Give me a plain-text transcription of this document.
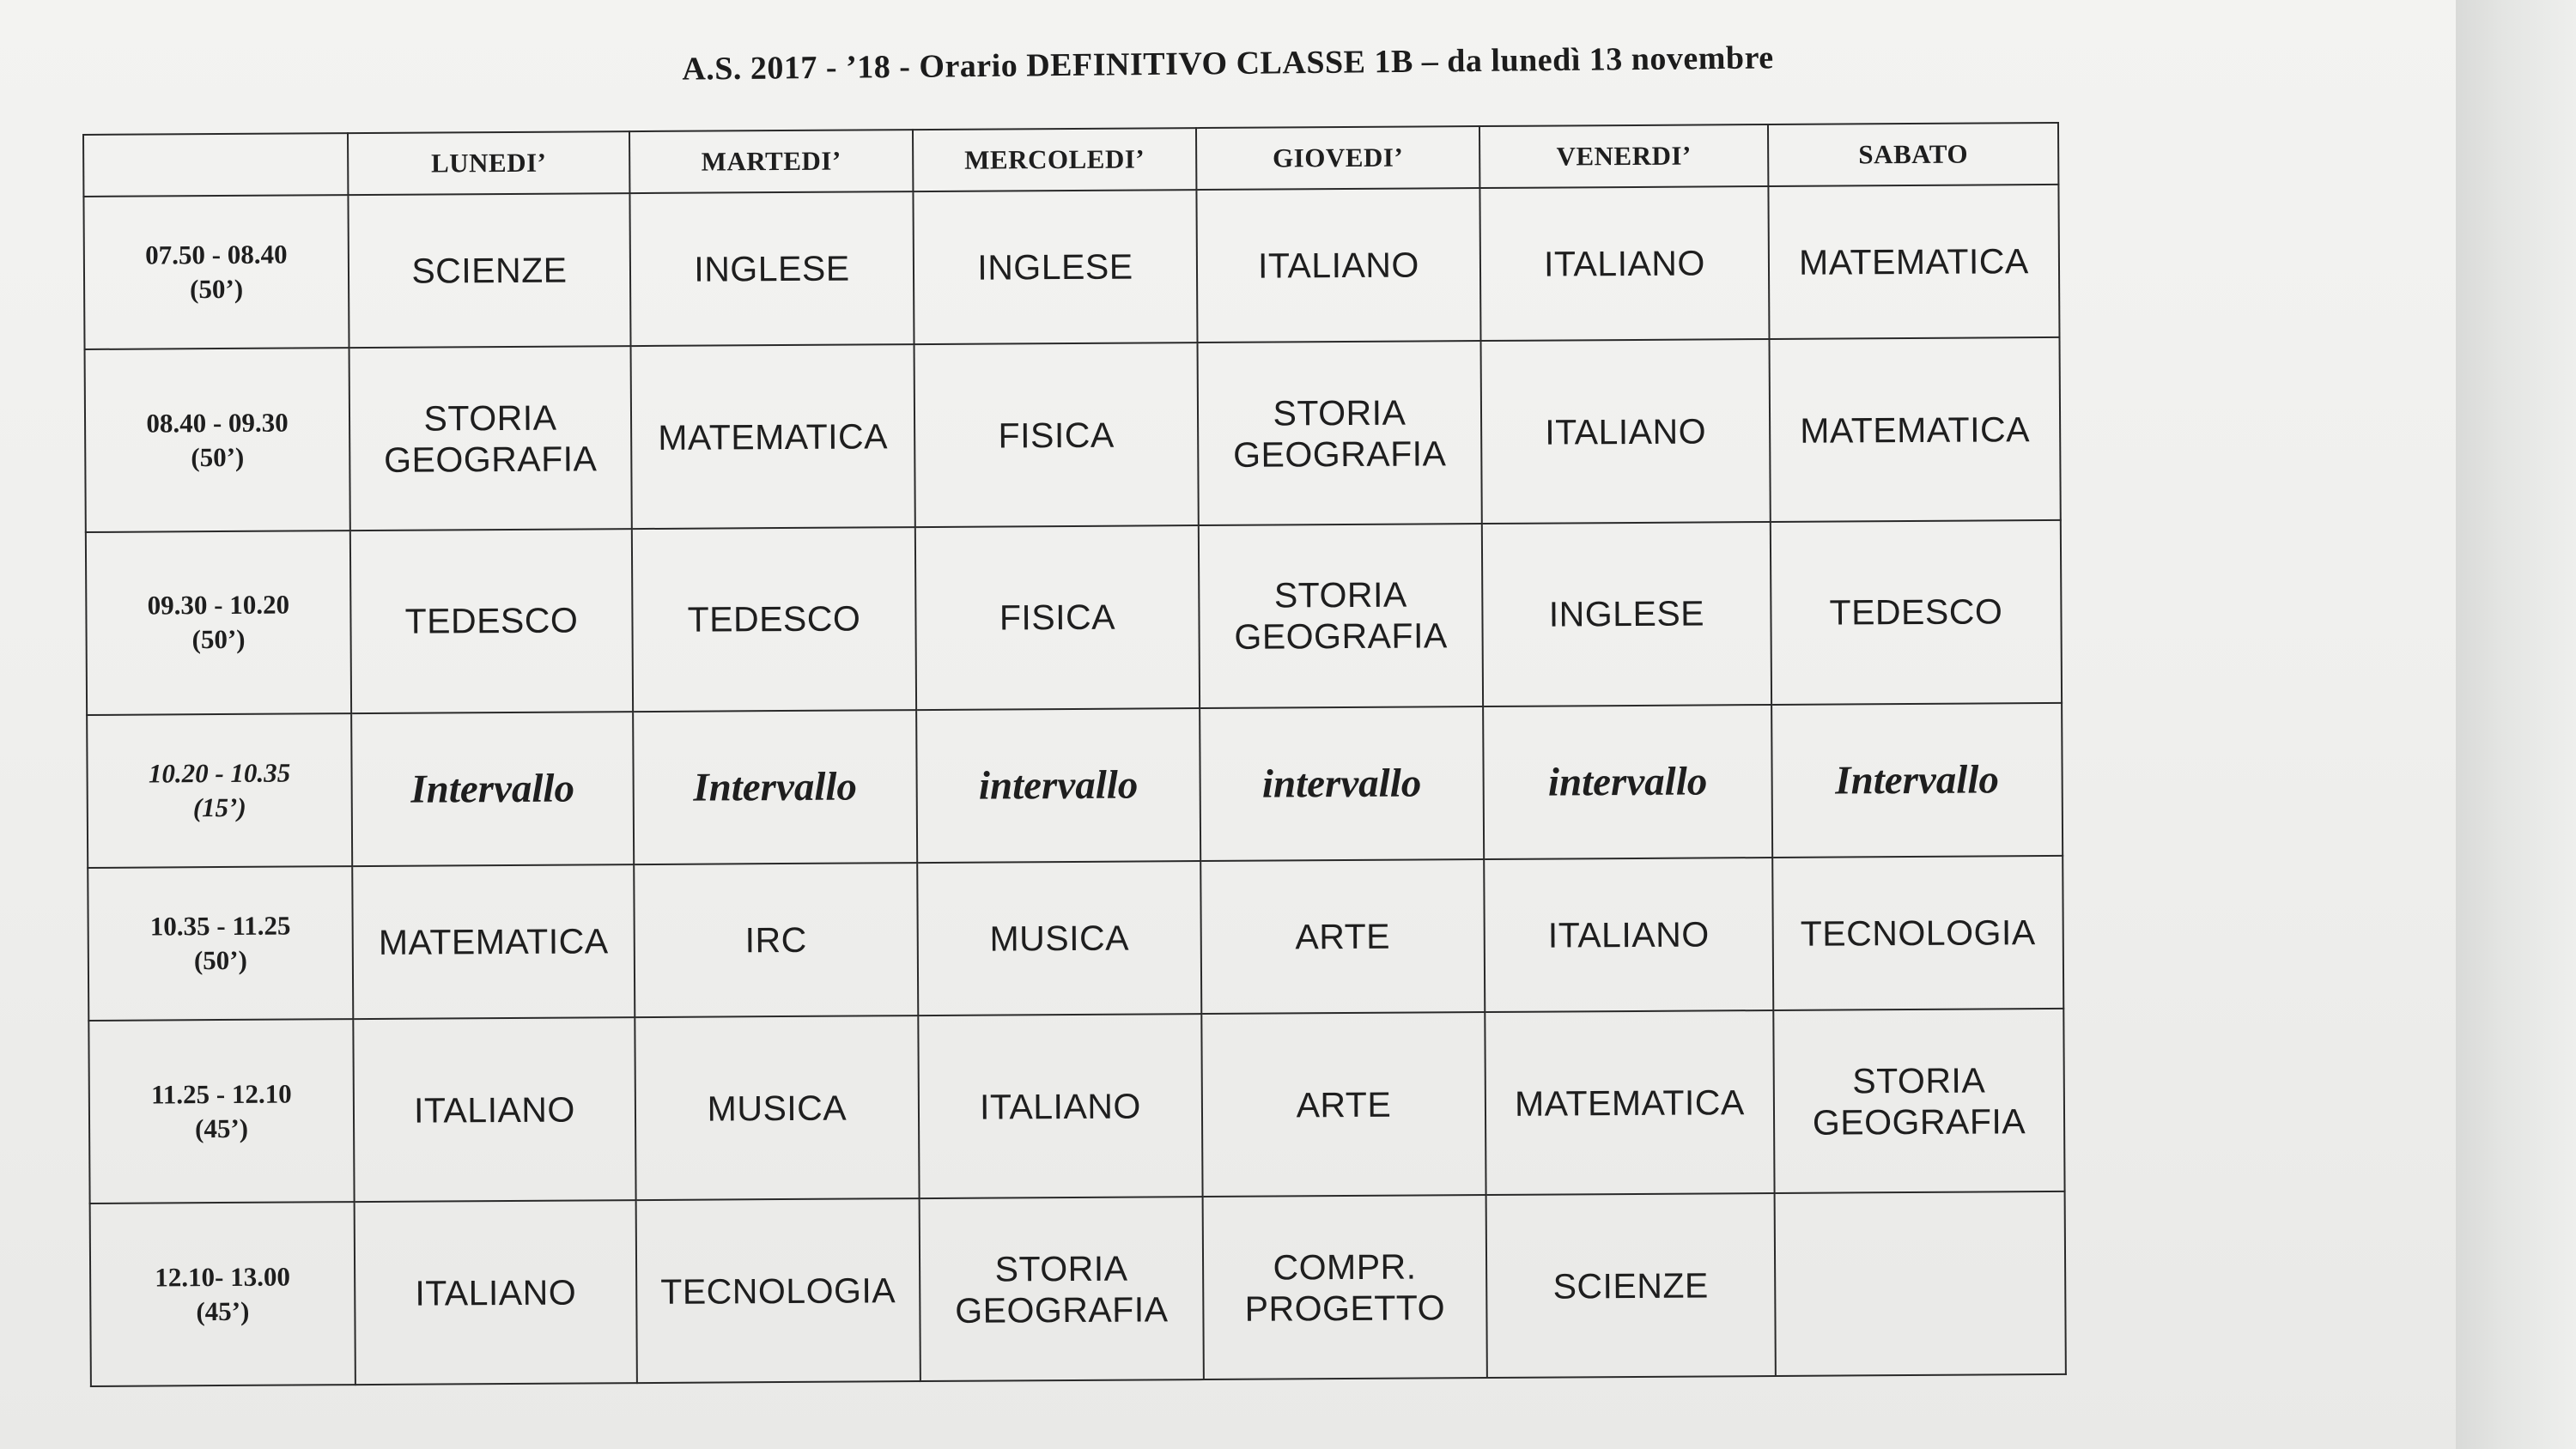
A.S. 2017 - ’18 - Orario DEFINITIVO CLASSE 1B – da lunedì 13 novembre
	LUNEDI’	MARTEDI’	MERCOLEDI’	GIOVEDI’	VENERDI’	SABATO

07.50 - 08.40
(50’)	SCIENZE	INGLESE	INGLESE	ITALIANO	ITALIANO	MATEMATICA

08.40 - 09.30
(50’)	STORIA
GEOGRAFIA	MATEMATICA	FISICA	STORIA
GEOGRAFIA	ITALIANO	MATEMATICA

09.30 - 10.20
(50’)	TEDESCO	TEDESCO	FISICA	STORIA
GEOGRAFIA	INGLESE	TEDESCO

10.20 - 10.35
(15’)	Intervallo	Intervallo	intervallo	intervallo	intervallo	Intervallo

10.35 - 11.25
(50’)	MATEMATICA	IRC	MUSICA	ARTE	ITALIANO	TECNOLOGIA

11.25 - 12.10
(45’)	ITALIANO	MUSICA	ITALIANO	ARTE	MATEMATICA	STORIA
GEOGRAFIA

12.10- 13.00
(45’)	ITALIANO	TECNOLOGIA	STORIA
GEOGRAFIA	COMPR.
PROGETTO	SCIENZE	
